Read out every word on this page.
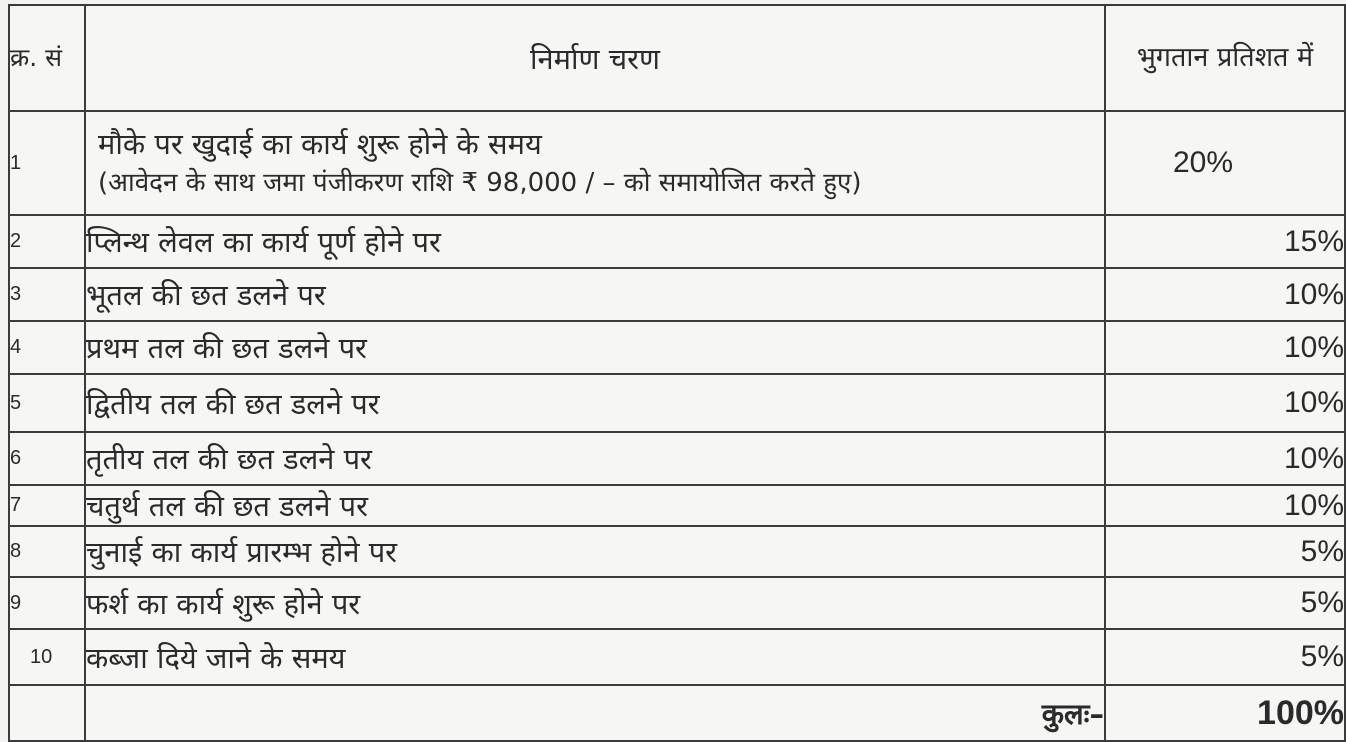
क्र. सं	निर्माण चरण	भुगतान प्रतिशत में
1	मौके पर खुदाई का कार्य शुरू होने के समय
(आवेदन के साथ जमा पंजीकरण राशि ₹ 98,000 ∕ – को समायोजित करते हुए)	20%
2	प्लिन्थ लेवल का कार्य पूर्ण होने पर	15%
3	भूतल की छत डलने पर	10%
4	प्रथम तल की छत डलने पर	10%
5	द्वितीय तल की छत डलने पर	10%
6	तृतीय तल की छत डलने पर	10%
7	चतुर्थ तल की छत डलने पर	10%
8	चुनाई का कार्य प्रारम्भ होने पर	5%
9	फर्श का कार्य शुरू होने पर	5%
10	कब्जा दिये जाने के समय	5%
	कुलः–	100%
